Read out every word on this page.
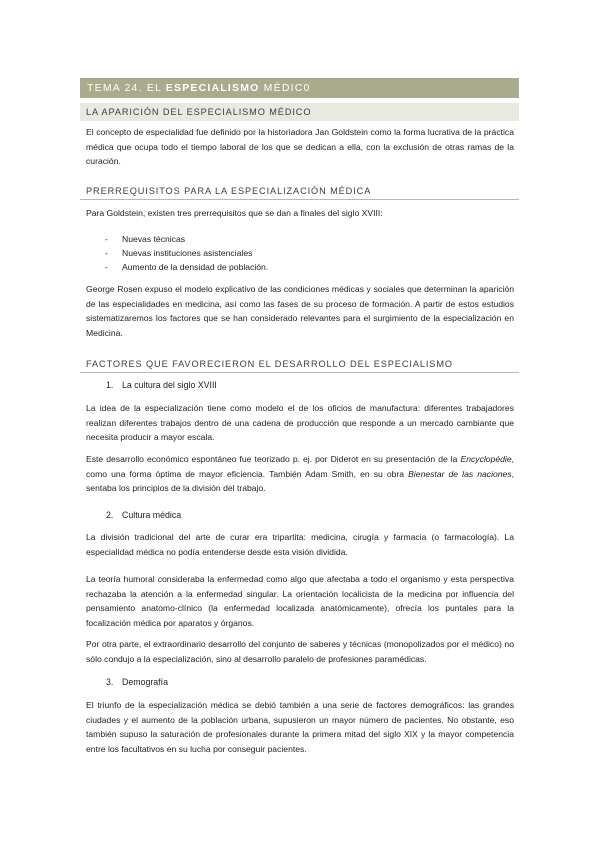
TEMA 24. EL ESPECIALISMO MÉDIC0
LA APARICIÓN DEL ESPECIALISMO MÉDICO

El concepto de especialidad fue definido por la historiadora Jan Goldstein como la forma lucrativa de la práctica médica que ocupa todo el tiempo laboral de los que se dedican a ella, con la exclusión de otras ramas de la curación.

PRERREQUISITOS PARA LA ESPECIALIZACIÓN MÉDICA

Para Goldstein, existen tres prerrequisitos que se dan a finales del siglo XVIII:

- Nuevas técnicas
- Nuevas instituciones asistenciales
- Aumento de la densidad de población.

George Rosen expuso el modelo explicativo de las condiciones médicas y sociales que determinan la aparición de las especialidades en medicina, así como las fases de su proceso de formación. A partir de estos estudios sistematizaremos los factores que se han considerado relevantes para el surgimiento de la especialización en Medicina.

FACTORES QUE FAVORECIERON EL DESARROLLO DEL ESPECIALISMO
1. La cultura del siglo XVIII

La idea de la especialización tiene como modelo el de los oficios de manufactura: diferentes trabajadores realizan diferentes trabajos dentro de una cadena de producción que responde a un mercado cambiante que necesita producir a mayor escala.

Este desarrollo económico espontáneo fue teorizado p. ej. por Diderot en su presentación de la Encyclopédie, como una forma óptima de mayor eficiencia. También Adam Smith, en su obra Bienestar de las naciones, sentaba los principios de la división del trabajo.

2. Cultura médica

La división tradicional del arte de curar era tripartita: medicina, cirugía y farmacia (o farmacología). La especialidad médica no podía entenderse desde esta visión dividida.

La teoría humoral consideraba la enfermedad como algo que afectaba a todo el organismo y esta perspectiva rechazaba la atención a la enfermedad singular. La orientación localicista de la medicina por influencia del pensamiento anatomo-clínico (la enfermedad localizada anatómicamente), ofrecía los puntales para la focalización médica por aparatos y órganos.

Por otra parte, el extraordinario desarrollo del conjunto de saberes y técnicas (monopolizados por el médico) no sólo condujo a la especialización, sino al desarrollo paralelo de profesiones paramédicas.

3. Demografía

El triunfo de la especialización médica se debió también a una serie de factores demográficos: las grandes ciudades y el aumento de la población urbana, supusieron un mayor número de pacientes. No obstante, eso también supuso la saturación de profesionales durante la primera mitad del siglo XIX y la mayor competencia entre los facultativos en su lucha por conseguir pacientes.
